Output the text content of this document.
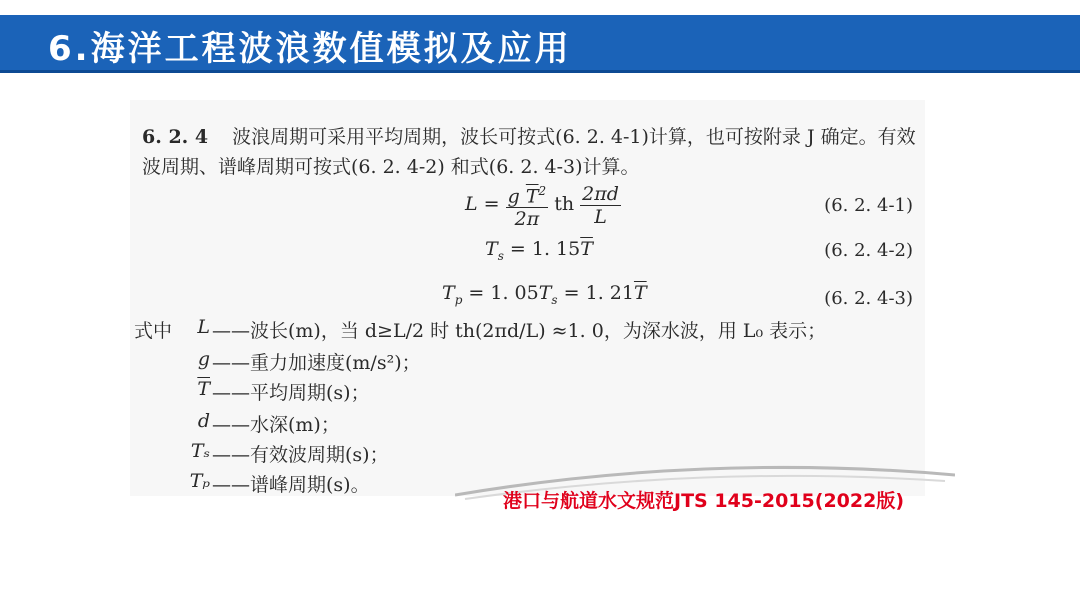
6.海洋工程波浪数值模拟及应用
6. 2. 4 波浪周期可采用平均周期，波长可按式(6. 2. 4-1)计算，也可按附录 J 确定。有效
波周期、谱峰周期可按式(6. 2. 4-2) 和式(6. 2. 4-3)计算。
$L = \frac{g \overline{T}^2}{2\pi}$ th $\frac{2\pi d}{L}$	(6. 2. 4-1)
$T_s = 1$. $15\overline{T}$	(6. 2. 4-2)
$T_p = 1$. $05T_s = 1$. $21\overline{T}$	(6. 2. 4-3)
式中	L ——波长(m)，当 d≥L/2 时 th(2πd/L) ≈1. 0，为深水波，用 L₀ 表示；
g ——重力加速度(m/s²)；
$\overline{T}$ ——平均周期(s)；
d ——水深(m)；
Tₛ ——有效波周期(s)；
Tₚ ——谱峰周期(s)。
港口与航道水文规范JTS 145-2015(2022版)
